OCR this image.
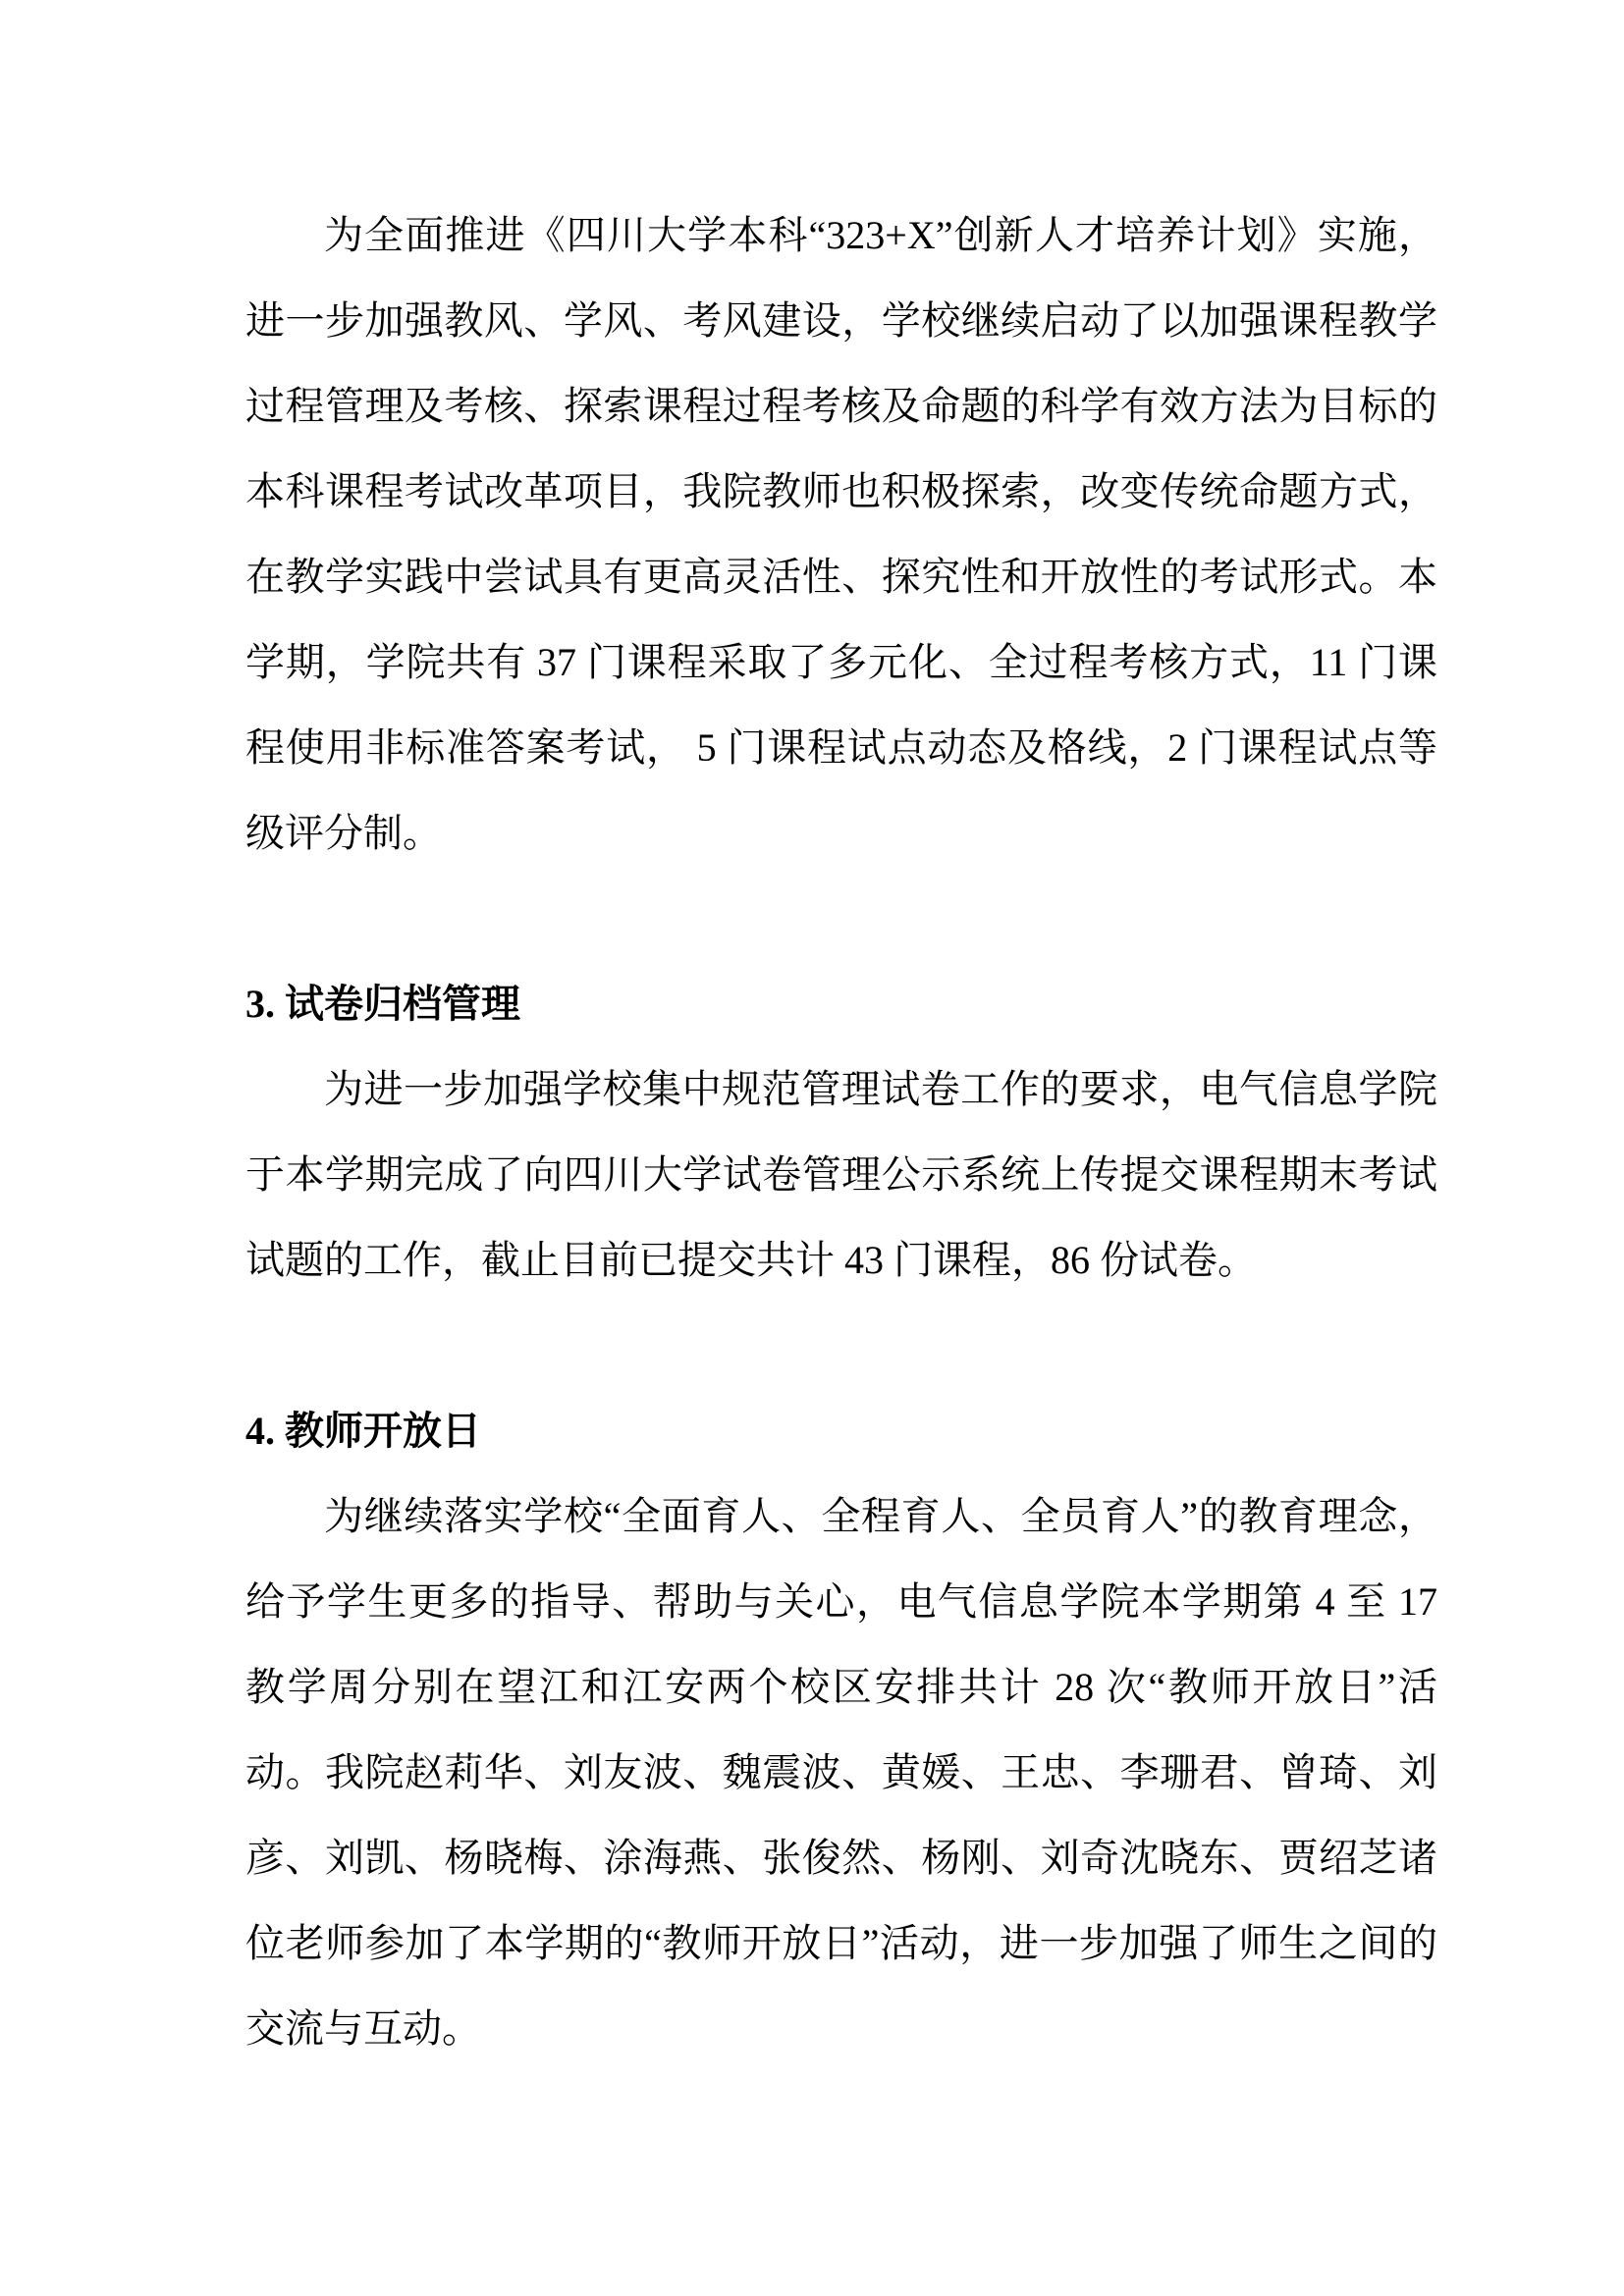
为全面推进《四川大学本科“323+X”创新人才培养计划》实施，进一步加强教风、学风、考风建设，学校继续启动了以加强课程教学过程管理及考核、探索课程过程考核及命题的科学有效方法为目标的本科课程考试改革项目，我院教师也积极探索，改变传统命题方式，在教学实践中尝试具有更高灵活性、探究性和开放性的考试形式。本学期，学院共有 37 门课程采取了多元化、全过程考核方式，11 门课程使用非标准答案考试， 5 门课程试点动态及格线，2 门课程试点等级评分制。

3. 试卷归档管理

为进一步加强学校集中规范管理试卷工作的要求，电气信息学院于本学期完成了向四川大学试卷管理公示系统上传提交课程期末考试试题的工作，截止目前已提交共计 43 门课程，86 份试卷。

4. 教师开放日

为继续落实学校“全面育人、全程育人、全员育人”的教育理念，给予学生更多的指导、帮助与关心，电气信息学院本学期第 4 至 17 教学周分别在望江和江安两个校区安排共计 28 次“教师开放日”活动。我院赵莉华、刘友波、魏震波、黄媛、王忠、李珊君、曾琦、刘彦、刘凯、杨晓梅、涂海燕、张俊然、杨刚、刘奇沈晓东、贾绍芝诸位老师参加了本学期的“教师开放日”活动，进一步加强了师生之间的交流与互动。
